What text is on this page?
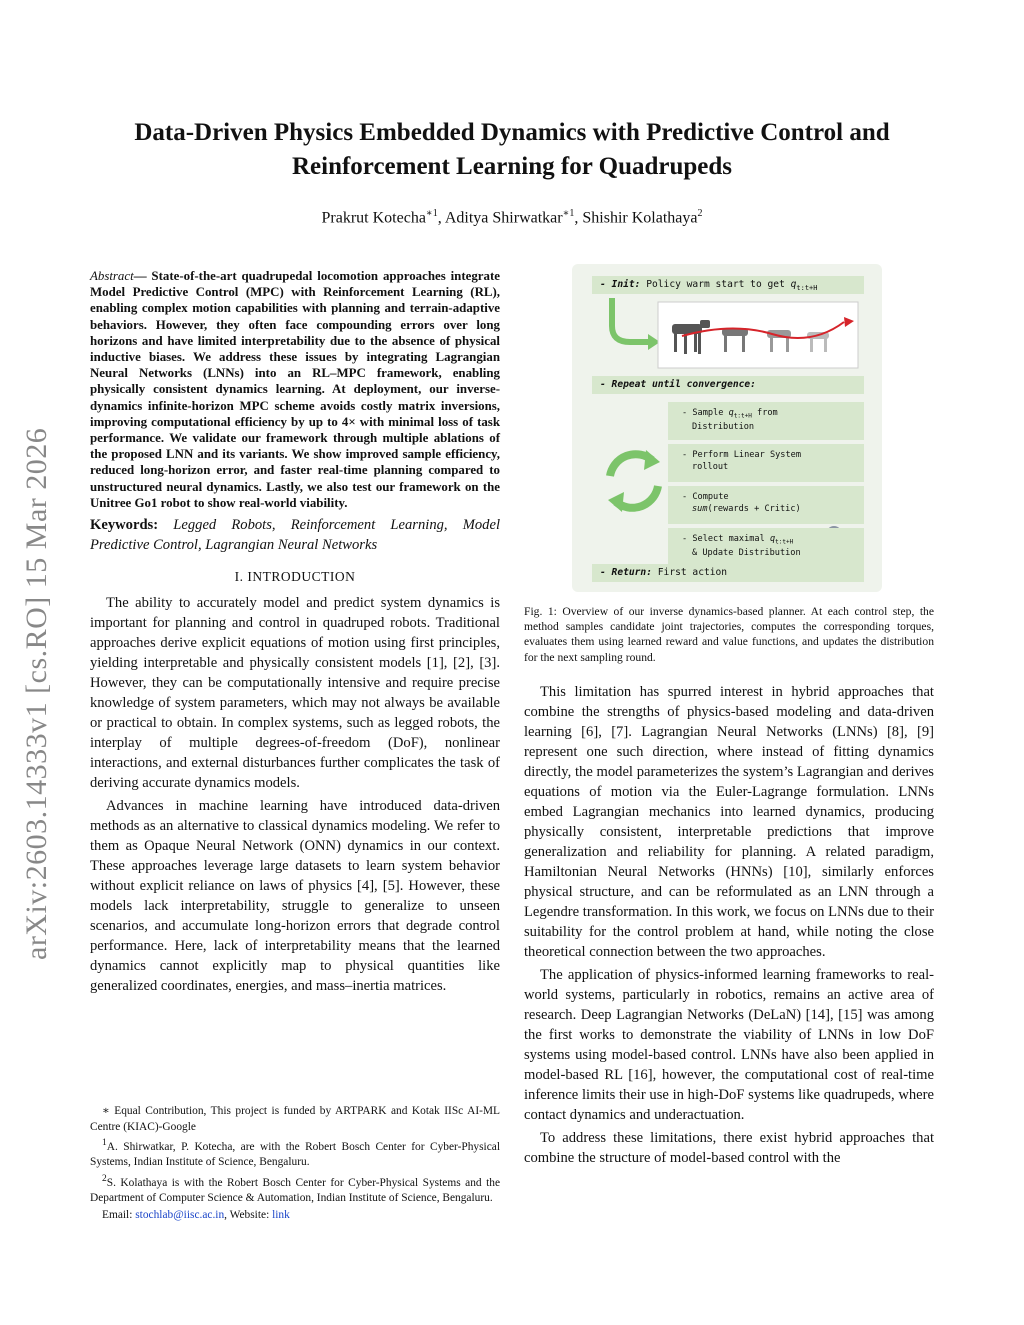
Data-Driven Physics Embedded Dynamics with Predictive Control and
Reinforcement Learning for Quadrupeds
Prakrut Kotecha$^{∗1}$, Aditya Shirwatkar$^{∗1}$, Shishir Kolathaya$^2$
arXiv:2603.14333v1 [cs.RO] 15 Mar 2026
Abstract— State-of-the-art quadrupedal locomotion approaches integrate Model Predictive Control (MPC) with Reinforcement Learning (RL), enabling complex motion capabilities with planning and terrain-adaptive behaviors. However, they often face compounding errors over long horizons and have limited interpretability due to the absence of physical inductive biases. We address these issues by integrating Lagrangian Neural Networks (LNNs) into an RL–MPC framework, enabling physically consistent dynamics learning. At deployment, our inverse-dynamics infinite-horizon MPC scheme avoids costly matrix inversions, improving computational efficiency by up to 4× with minimal loss of task performance. We validate our framework through multiple ablations of the proposed LNN and its variants. We show improved sample efficiency, reduced long-horizon error, and faster real-time planning compared to unstructured neural dynamics. Lastly, we also test our framework on the Unitree Go1 robot to show real-world viability.
Keywords: Legged Robots, Reinforcement Learning, Model Predictive Control, Lagrangian Neural Networks
I. INTRODUCTION

The ability to accurately model and predict system dynamics is important for planning and control in quadruped robots. Traditional approaches derive explicit equations of motion using first principles, yielding interpretable and physically consistent models [1], [2], [3]. However, they can be computationally intensive and require precise knowledge of system parameters, which may not always be available or practical to obtain. In complex systems, such as legged robots, the interplay of multiple degrees-of-freedom (DoF), nonlinear interactions, and external disturbances further complicates the task of deriving accurate dynamics models.

Advances in machine learning have introduced data-driven methods as an alternative to classical dynamics modeling. We refer to them as Opaque Neural Network (ONN) dynamics in our context. These approaches leverage large datasets to learn system behavior without explicit reliance on laws of physics [4], [5]. However, these models lack interpretability, struggle to generalize to unseen scenarios, and accumulate long-horizon errors that degrade control performance. Here, lack of interpretability means that the learned dynamics cannot explicitly map to physical quantities like generalized coordinates, energies, and mass–inertia matrices.

∗ Equal Contribution, This project is funded by ARTPARK and Kotak IISc AI-ML Centre (KIAC)-Google

$^1$A. Shirwatkar, P. Kotecha, are with the Robert Bosch Center for Cyber-Physical Systems, Indian Institute of Science, Bengaluru.

$^2$S. Kolathaya is with the Robert Bosch Center for Cyber-Physical Systems and the Department of Computer Science & Automation, Indian Institute of Science, Bengaluru.

Email: stochlab@iisc.ac.in, Website: link

- Init: Policy warm start to get $q_{t:t+H}$
- Repeat until convergence:
- Sample $q_{t:t+H}$ from
Distribution
- Perform Linear System
rollout
- Compute
sum(rewards + Critic)
- Select maximal $q_{t:t+H}$
& Update Distribution
- Return: First action
Fig. 1: Overview of our inverse dynamics-based planner. At each control step, the method samples candidate joint trajectories, computes the corresponding torques, evaluates them using learned reward and value functions, and updates the distribution for the next sampling round.

This limitation has spurred interest in hybrid approaches that combine the strengths of physics-based modeling and data-driven learning [6], [7]. Lagrangian Neural Networks (LNNs) [8], [9] represent one such direction, where instead of fitting dynamics directly, the model parameterizes the system’s Lagrangian and derives equations of motion via the Euler-Lagrange formulation. LNNs embed Lagrangian mechanics into learned dynamics, producing physically consistent, interpretable predictions that improve generalization and reliability for planning. A related paradigm, Hamiltonian Neural Networks (HNNs) [10], similarly enforces physical structure, and can be reformulated as an LNN through a Legendre transformation. In this work, we focus on LNNs due to their suitability for the control problem at hand, while noting the close theoretical connection between the two approaches.

The application of physics-informed learning frameworks to real-world systems, particularly in robotics, remains an active area of research. Deep Lagrangian Networks (DeLaN) [14], [15] was among the first works to demonstrate the viability of LNNs in low DoF systems using model-based control. LNNs have also been applied in model-based RL [16], however, the computational cost of real-time inference limits their use in high-DoF systems like quadrupeds, where contact dynamics and underactuation.

To address these limitations, there exist hybrid approaches that combine the structure of model-based control with the
